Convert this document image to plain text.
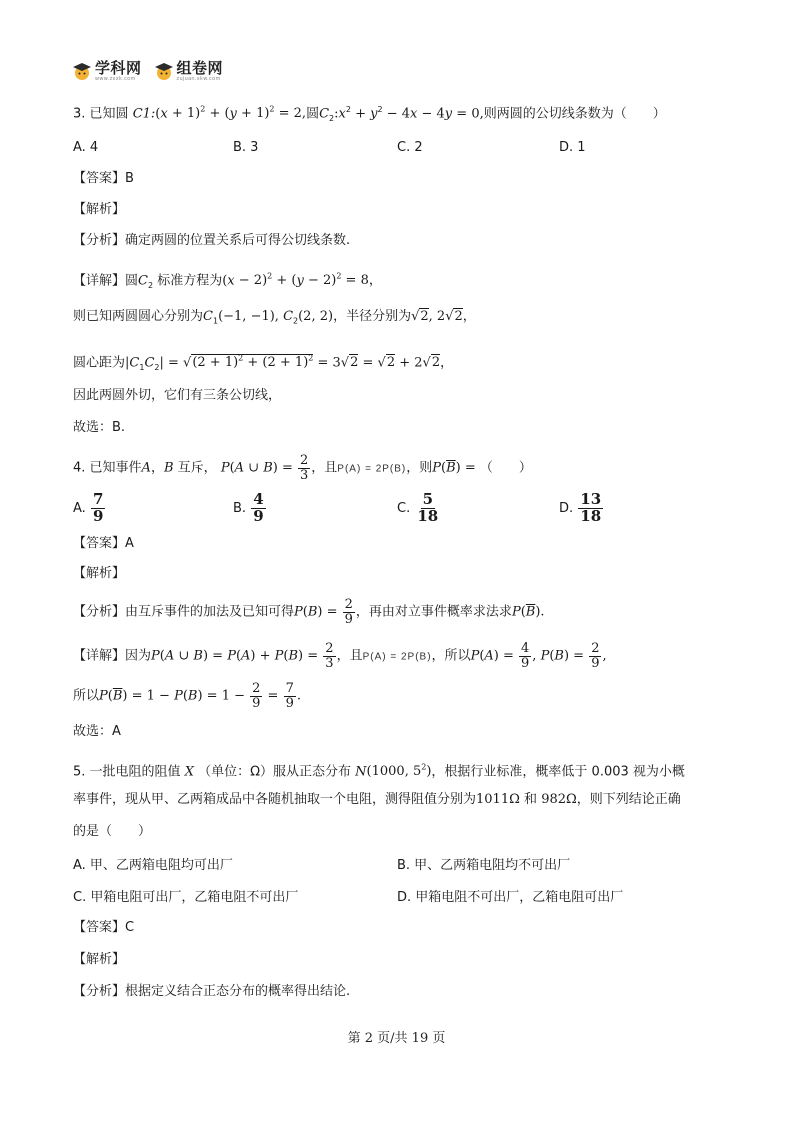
学科网
www.zxxk.com
组卷网
zujuan.xkw.com
3. 已知圆 C1:(x + $1)^2 + (y + 1)^2 = 2$,圆$C_2:x^2 + y^2 - 4x - 4y = 0$,则两圆的公切线条数为（　　）
A. 4	B. 3	C. 2	D. 1
【答案】B
【解析】
【分析】确定两圆的位置关系后可得公切线条数.
【详解】圆$C_2$ 标准方程为$(x - 2)^2 + (y - 2)^2 = 8$，
则已知两圆圆心分别为$C_1(-1$, −1), $C_2(2$, 2)，半径分别为√2, 2√2，
圆心距为$|C_1C_2| = √(2 + 1)^2 + (2 + 1)^2 = 3√2 = √2 + 2√2$，
因此两圆外切，它们有三条公切线，
故选：B.
4. 已知事件A，B 互斥， P(A ∪ $B) = \frac{2}{3}$ ，且P(A) = 2P(B)，则$P(\overline{B})$ = （　　）
A. $\frac{7}{9}$	B. $\frac{4}{9}$	C. $\frac{5}{18}$	D. $\frac{13}{18}$
【答案】A
【解析】
【分析】由互斥事件的加法及已知可得$P(B) = \frac{2}{9}$ ，再由对立事件概率求法求$P(\overline{B})$.
【详解】因为P(A ∪ $B) = P(A) + P(B) = \frac{2}{3}$ ，且P(A) = 2P(B)，所以$P(A) = \frac{4}{9}$ , $P(B) = \frac{2}{9}$ ,
所以$P(\overline{B}) = 1 - P(B) = 1 - \frac{2}{9} = \frac{7}{9}$ .
故选：A
5. 一批电阻的阻值 X （单位：Ω）服从正态分布 N(1000, $5^2$)，根据行业标准，概率低于 0.003 视为小概
率事件，现从甲、乙两箱成品中各随机抽取一个电阻，测得阻值分别为1011Ω 和 982Ω，则下列结论正确
的是（　　）
A. 甲、乙两箱电阻均可出厂	B. 甲、乙两箱电阻均不可出厂
C. 甲箱电阻可出厂，乙箱电阻不可出厂	D. 甲箱电阻不可出厂，乙箱电阻可出厂
【答案】C
【解析】
【分析】根据定义结合正态分布的概率得出结论.
第 2 页/共 19 页
